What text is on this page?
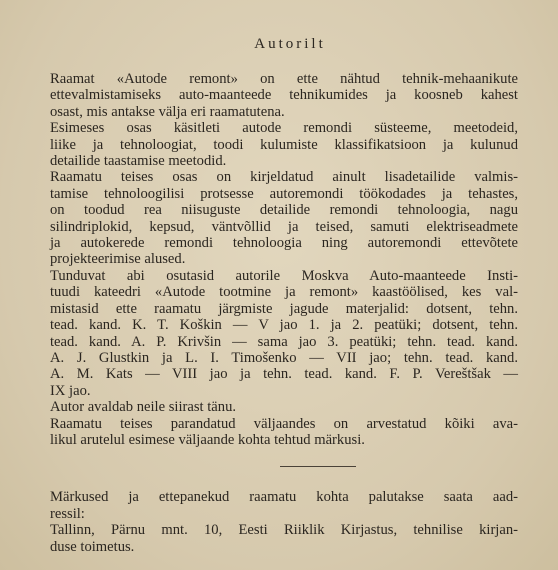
Autorilt

Raamat «Autode remont» on ette nähtud tehnik-mehaanikute
ettevalmistamiseks auto-maanteede tehnikumides ja koosneb kahest
osast, mis antakse välja eri raamatutena.

Esimeses osas käsitleti autode remondi süsteeme, meetodeid,
liike ja tehnoloogiat, toodi kulumiste klassifikatsioon ja kulunud
detailide taastamise meetodid.

Raamatu teises osas on kirjeldatud ainult lisadetailide valmis-
tamise tehnoloogilisi protsesse autoremondi töökodades ja tehastes,
on toodud rea niisuguste detailide remondi tehnoloogia, nagu
silindriplokid, kepsud, väntvõllid ja teised, samuti elektriseadmete
ja autokerede remondi tehnoloogia ning autoremondi ettevõtete
projekteerimise alused.

Tunduvat abi osutasid autorile Moskva Auto-maanteede Insti-
tuudi kateedri «Autode tootmine ja remont» kaastöölised, kes val-
mistasid ette raamatu järgmiste jagude materjalid: dotsent, tehn.
tead. kand. K. T. Koškin — V jao 1. ja 2. peatüki; dotsent, tehn.
tead. kand. A. P. Krivšin — sama jao 3. peatüki; tehn. tead. kand.
A. J. Glustkin ja L. I. Timošenko — VII jao; tehn. tead. kand.
A. M. Kats — VIII jao ja tehn. tead. kand. F. P. Vereštšak —
IX jao.

Autor avaldab neile siirast tänu.

Raamatu teises parandatud väljaandes on arvestatud kõiki ava-
likul arutelul esimese väljaande kohta tehtud märkusi.

Märkused ja ettepanekud raamatu kohta palutakse saata aad-
ressil:

Tallinn, Pärnu mnt. 10, Eesti Riiklik Kirjastus, tehnilise kirjan-
duse toimetus.
